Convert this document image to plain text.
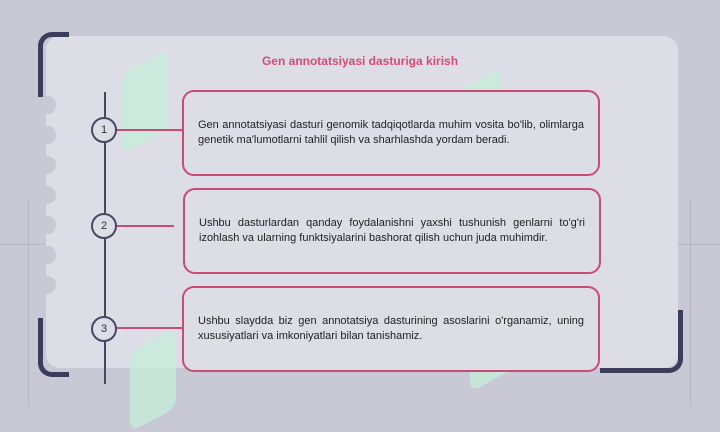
Gen annotatsiyasi dasturiga kirish
1	Gen annotatsiyasi dasturi genomik tadqiqotlarda muhim vosita bo'lib, olimlarga genetik ma'lumotlarni tahlil qilish va sharhlashda yordam beradi.
2	Ushbu dasturlardan qanday foydalanishni yaxshi tushunish genlarni to'g'ri izohlash va ularning funktsiyalarini bashorat qilish uchun juda muhimdir.
3
Ushbu slaydda biz gen annotatsiya dasturining asoslarini o'rganamiz, uning xususiyatlari va imkoniyatlari bilan tanishamiz.
